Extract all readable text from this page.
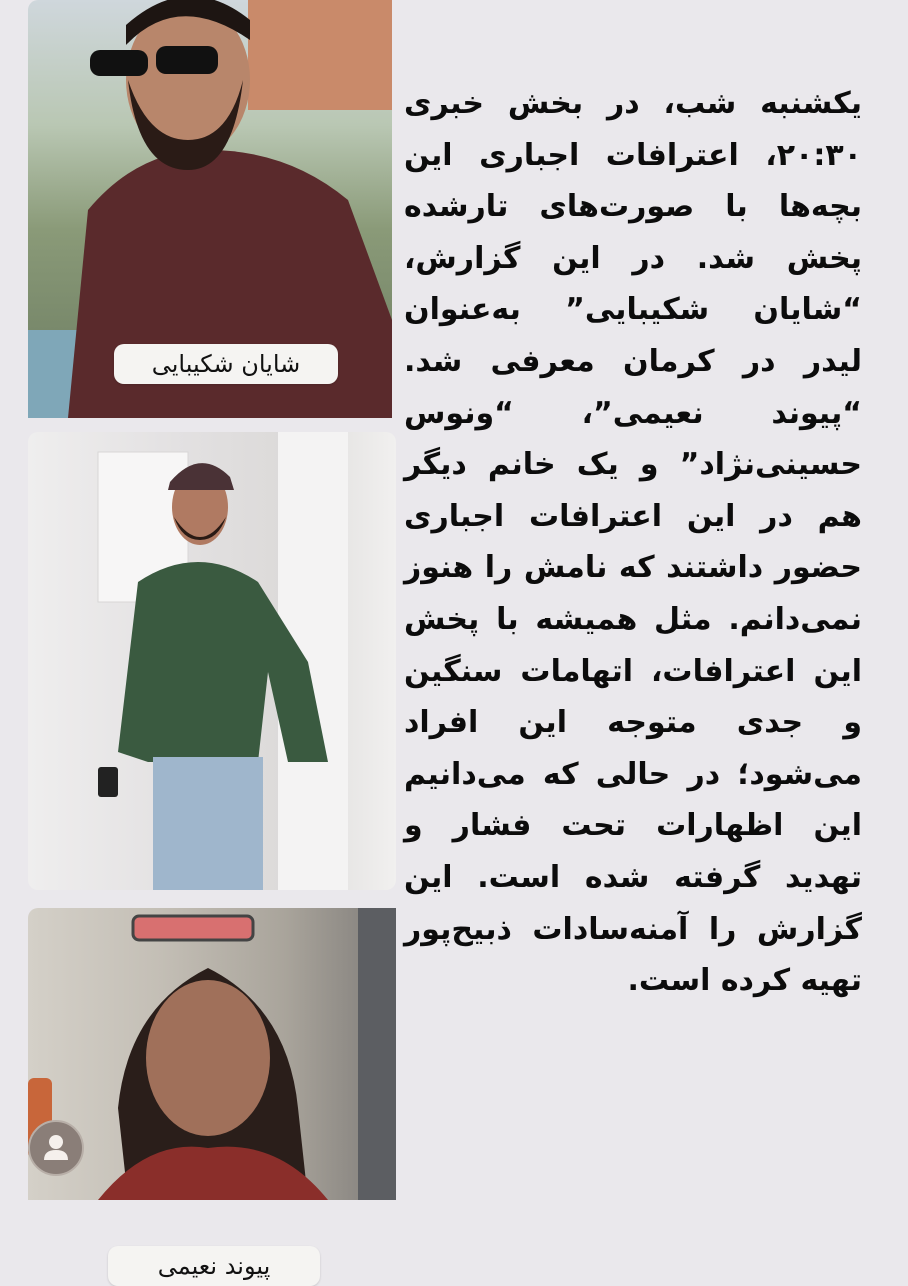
شایان شکیبایی
پیوند نعیمی

یکشنبه شب، در بخش خبری ۲۰:۳۰، اعترافات اجباری این بچه‌ها با صورت‌های تارشده پخش شد. در این گزارش، “شایان شکیبایی” به‌عنوان لیدر در کرمان معرفی شد. “پیوند نعیمی”، “ونوس حسینی‌نژاد” و یک خانم دیگر هم در این اعترافات اجباری حضور داشتند که نامش را هنوز نمی‌دانم. مثل همیشه با پخش این اعترافات، اتهامات سنگین و جدی متوجه این افراد می‌شود؛ در حالی که می‌دانیم این اظهارات تحت فشار و تهدید گرفته شده است. این گزارش را آمنه‌سادات ذبیح‌پور تهیه کرده است.
